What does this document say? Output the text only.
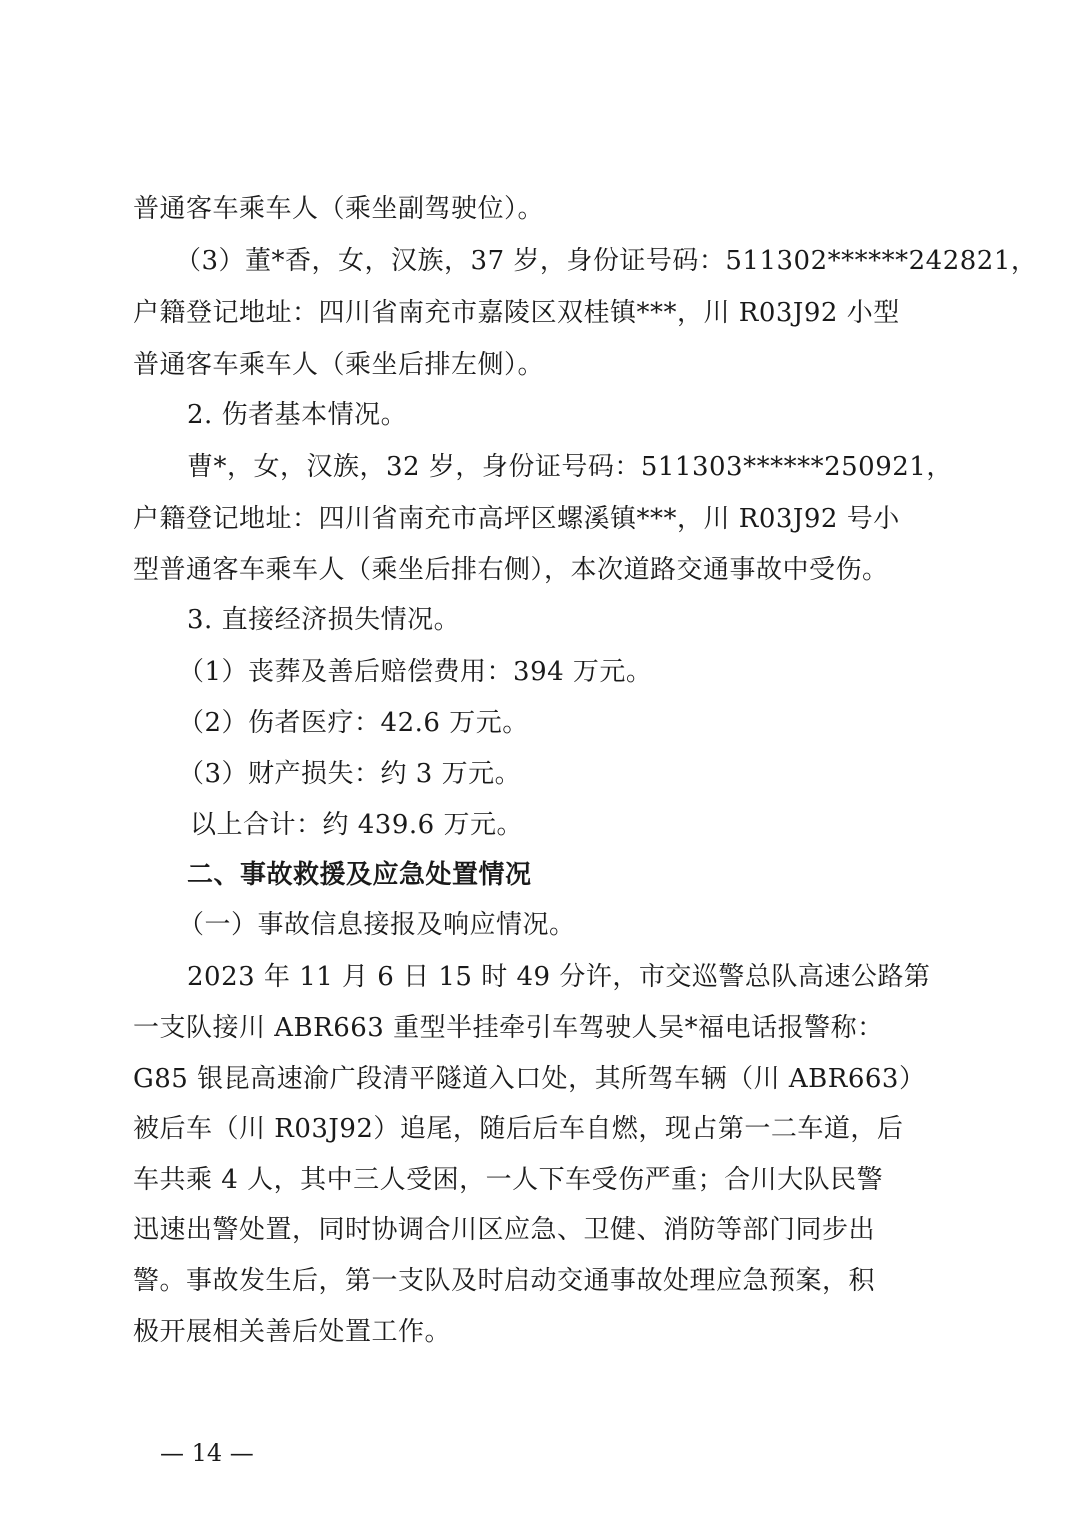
普通客车乘车人（乘坐副驾驶位）。
（3）董*香，女，汉族，37 岁，身份证号码：511302******242821，
户籍登记地址：四川省南充市嘉陵区双桂镇***，川 R03J92 小型
普通客车乘车人（乘坐后排左侧）。
2. 伤者基本情况。
曹*，女，汉族，32 岁，身份证号码：511303******250921，
户籍登记地址：四川省南充市高坪区螺溪镇***，川 R03J92 号小
型普通客车乘车人（乘坐后排右侧），本次道路交通事故中受伤。
3. 直接经济损失情况。
（1）丧葬及善后赔偿费用：394 万元。
（2）伤者医疗：42.6 万元。
（3）财产损失：约 3 万元。
以上合计：约 439.6 万元。
二、事故救援及应急处置情况
（一）事故信息接报及响应情况。
2023 年 11 月 6 日 15 时 49 分许，市交巡警总队高速公路第
一支队接川 ABR663 重型半挂牵引车驾驶人吴*福电话报警称：
G85 银昆高速渝广段清平隧道入口处，其所驾车辆（川 ABR663）
被后车（川 R03J92）追尾，随后后车自燃，现占第一二车道，后
车共乘 4 人，其中三人受困，一人下车受伤严重；合川大队民警
迅速出警处置，同时协调合川区应急、卫健、消防等部门同步出
警。事故发生后，第一支队及时启动交通事故处理应急预案，积
极开展相关善后处置工作。
— 14 —
